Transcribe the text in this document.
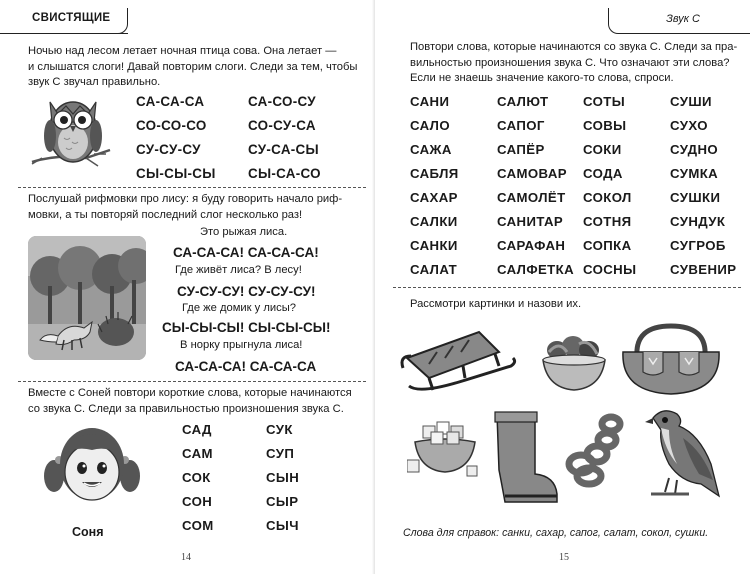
СВИСТЯЩИЕ
Ночью над лесом летает ночная птица сова. Она летает —
и слышатся слоги! Давай повторим слоги. Следи за тем, чтобы
звук С звучал правильно.
СА-СА-СА
СО-СО-СО
СУ-СУ-СУ
СЫ-СЫ-СЫ
СА-СО-СУ
СО-СУ-СА
СУ-СА-СЫ
СЫ-СА-СО
Послушай рифмовки про лису: я буду говорить начало риф-
мовки, а ты повторяй последний слог несколько раз!
Это рыжая лиса.
СА-СА-СА! СА-СА-СА!
Где живёт лиса? В лесу!
СУ-СУ-СУ! СУ-СУ-СУ!
Где же домик у лисы?
СЫ-СЫ-СЫ! СЫ-СЫ-СЫ!
В норку прыгнула лиса!
СА-СА-СА! СА-СА-СА
Вместе с Соней повтори короткие слова, которые начинаются
со звука С. Следи за правильностью произношения звука С.
Соня
САД
САМ
СОК
СОН
СОМ
СУК
СУП
СЫН
СЫР
СЫЧ
14
Звук С
Повтори слова, которые начинаются со звука С. Следи за пра-
вильностью произношения звука С. Что означают эти слова?
Если не знаешь значение какого-то слова, спроси.
САНИ
САЛО
САЖА
САБЛЯ
САХАР
САЛКИ
САНКИ
САЛАТ
САЛЮТ
САПОГ
САПЁР
САМОВАР
САМОЛЁТ
САНИТАР
САРАФАН
САЛФЕТКА
СОТЫ
СОВЫ
СОКИ
СОДА
СОКОЛ
СОТНЯ
СОПКА
СОСНЫ
СУШИ
СУХО
СУДНО
СУМКА
СУШКИ
СУНДУК
СУГРОБ
СУВЕНИР
Рассмотри картинки и назови их.
Слова для справок: санки, сахар, сапог, салат, сокол, сушки.
15
